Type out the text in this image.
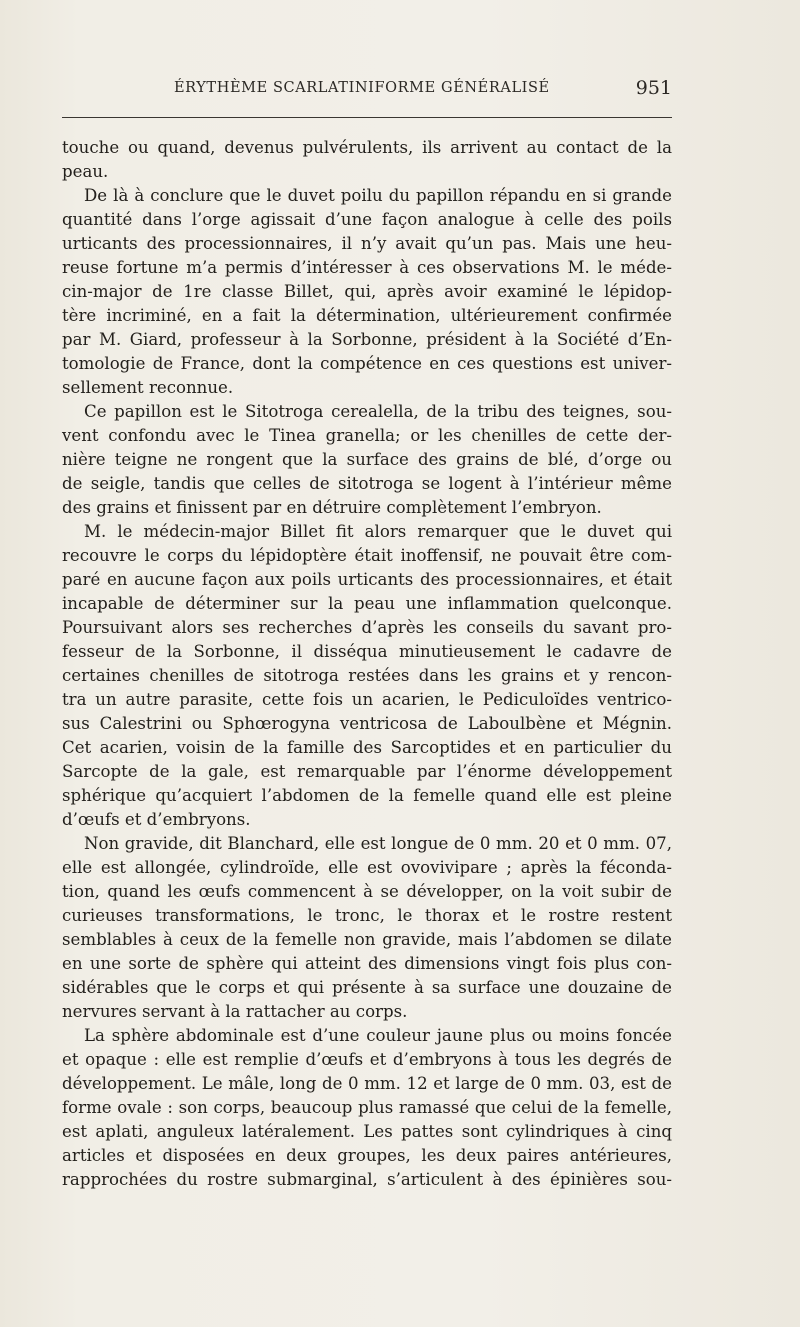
ÉRYTHÈME SCARLATINIFORME GÉNÉRALISÉ	951

touche ou quand, devenus pulvérulents, ils arrivent au contact de la

peau.

De là à conclure que le duvet poilu du papillon répandu en si grande

quantité dans l’orge agissait d’une façon analogue à celle des poils

urticants des processionnaires, il n’y avait qu’un pas. Mais une heu-

reuse fortune m’a permis d’intéresser à ces observations M. le méde-

cin-major de 1re classe Billet, qui, après avoir examiné le lépidop-

tère incriminé, en a fait la détermination, ultérieurement confirmée

par M. Giard, professeur à la Sorbonne, président à la Société d’En-

tomologie de France, dont la compétence en ces questions est univer-

sellement reconnue.

Ce papillon est le Sitotroga cerealella, de la tribu des teignes, sou-

vent confondu avec le Tinea granella; or les chenilles de cette der-

nière teigne ne rongent que la surface des grains de blé, d’orge ou

de seigle, tandis que celles de sitotroga se logent à l’intérieur même

des grains et finissent par en détruire complètement l’embryon.

M. le médecin-major Billet fit alors remarquer que le duvet qui

recouvre le corps du lépidoptère était inoffensif, ne pouvait être com-

paré en aucune façon aux poils urticants des processionnaires, et était

incapable de déterminer sur la peau une inflammation quelconque.

Poursuivant alors ses recherches d’après les conseils du savant pro-

fesseur de la Sorbonne, il disséqua minutieusement le cadavre de

certaines chenilles de sitotroga restées dans les grains et y rencon-

tra un autre parasite, cette fois un acarien, le Pediculoïdes ventrico-

sus Calestrini ou Sphœrogyna ventricosa de Laboulbène et Mégnin.

Cet acarien, voisin de la famille des Sarcoptides et en particulier du

Sarcopte de la gale, est remarquable par l’énorme développement

sphérique qu’acquiert l’abdomen de la femelle quand elle est pleine

d’œufs et d’embryons.

Non gravide, dit Blanchard, elle est longue de 0 mm. 20 et 0 mm. 07,

elle est allongée, cylindroïde, elle est ovovivipare ; après la féconda-

tion, quand les œufs commencent à se développer, on la voit subir de

curieuses transformations, le tronc, le thorax et le rostre restent

semblables à ceux de la femelle non gravide, mais l’abdomen se dilate

en une sorte de sphère qui atteint des dimensions vingt fois plus con-

sidérables que le corps et qui présente à sa surface une douzaine de

nervures servant à la rattacher au corps.

La sphère abdominale est d’une couleur jaune plus ou moins foncée

et opaque : elle est remplie d’œufs et d’embryons à tous les degrés de

développement. Le mâle, long de 0 mm. 12 et large de 0 mm. 03, est de

forme ovale : son corps, beaucoup plus ramassé que celui de la femelle,

est aplati, anguleux latéralement. Les pattes sont cylindriques à cinq

articles et disposées en deux groupes, les deux paires antérieures,

rapprochées du rostre submarginal, s’articulent à des épinières sou-
